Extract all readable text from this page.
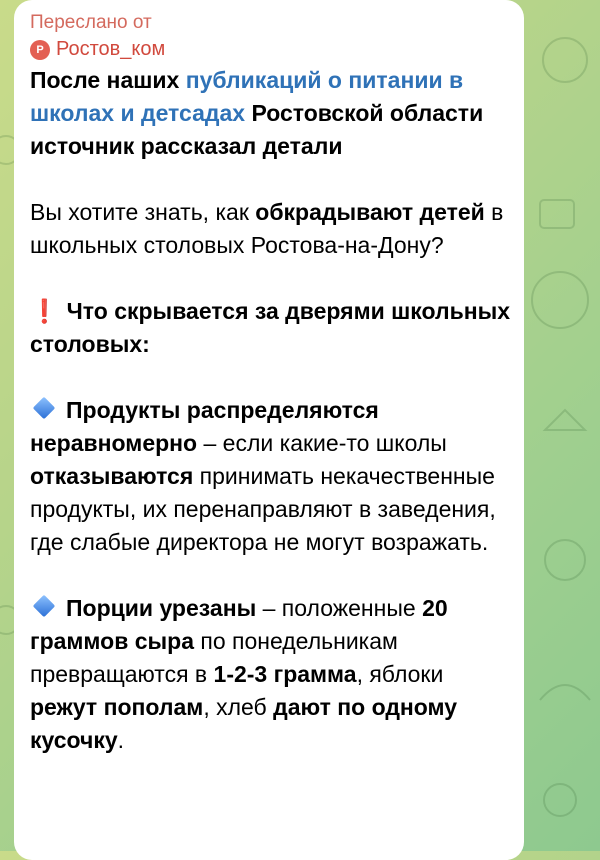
Переслано от
Р Ростов_ком

После наших публикаций о питании в школах и детсадах Ростовской области источник рассказал детали

Вы хотите знать, как обкрадывают детей в школьных столовых Ростова-на-Дону?

❗ Что скрывается за дверями школьных столовых:

Продукты распределяются неравномерно – если какие-то школы отказываются принимать некачественные продукты, их перенаправляют в заведения, где слабые директора не могут возражать.

Порции урезаны – положенные 20 граммов сыра по понедельникам превращаются в 1-2-3 грамма, яблоки режут пополам, хлеб дают по одному кусочку.
